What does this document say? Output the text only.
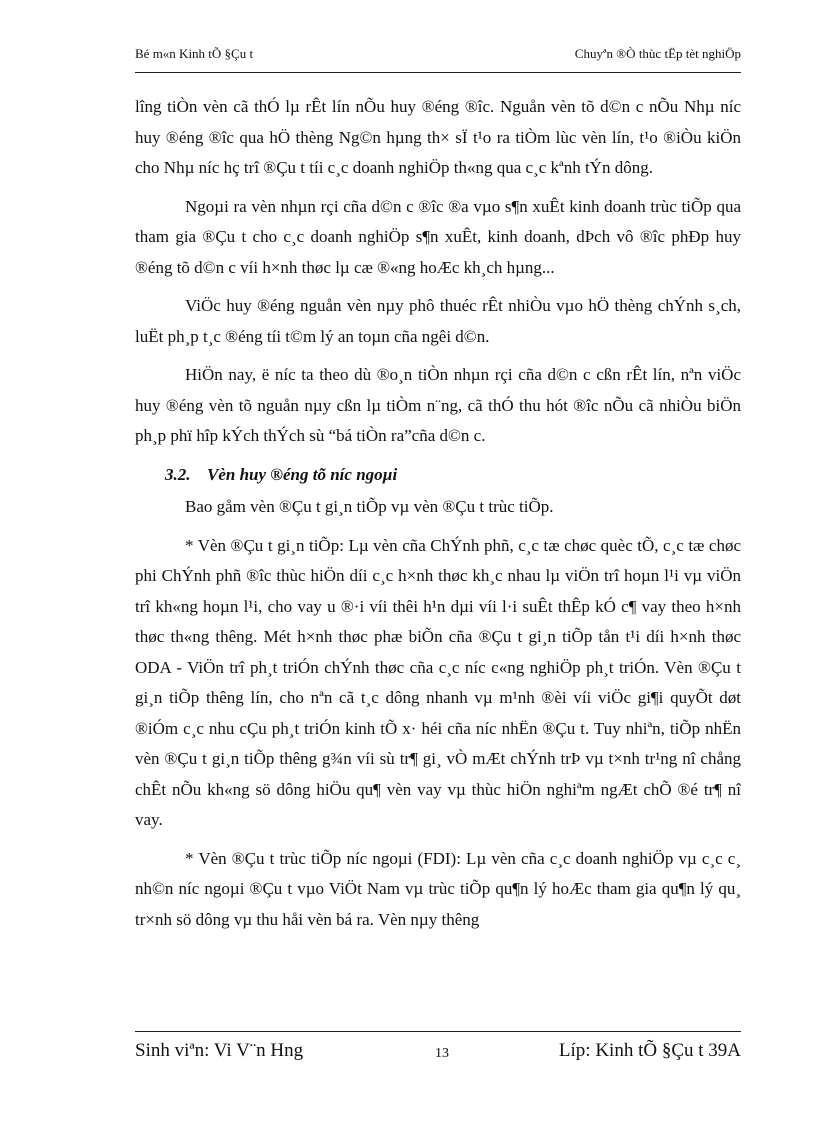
Bé m«n Kinh tÕ §Çu t	Chuyªn ®Ò thùc tËp tèt nghiÖp

lîng tiÒn vèn cã thÓ lµ rÊt lín nÕu huy ®éng ®îc. Nguån vèn tõ d©n c nÕu Nhµ níc huy ®éng ®îc qua hÖ thèng Ng©n hµng th× sÏ t¹o ra tiÒm lùc vèn lín, t¹o ®iÒu kiÖn cho Nhµ níc hç trî ®Çu t tíi c¸c doanh nghiÖp th«ng qua c¸c kªnh tÝn dông.

Ngoµi ra vèn nhµn rçi cña d©n c ®îc ®a vµo s¶n xuÊt kinh doanh trùc tiÕp qua tham gia ®Çu t cho c¸c doanh nghiÖp s¶n xuÊt, kinh doanh, dÞch vô ®îc phÐp huy ®éng tõ d©n c víi h×nh thøc lµ cæ ®«ng hoÆc kh¸ch hµng...

ViÖc huy ®éng nguån vèn nµy phô thuéc rÊt nhiÒu vµo hÖ thèng chÝnh s¸ch, luËt ph¸p t¸c ®éng tíi t©m lý an toµn cña ngêi d©n.

HiÖn nay, ë níc ta theo dù ®o¸n tiÒn nhµn rçi cña d©n c cßn rÊt lín, nªn viÖc huy ®éng vèn tõ nguån nµy cßn lµ tiÒm n¨ng, cã thÓ thu hót ®îc nÕu cã nhiÒu biÖn ph¸p phï hîp kÝch thÝch sù “bá tiÒn ra”cña d©n c.

3.2. Vèn huy ®éng tõ níc ngoµi

Bao gåm vèn ®Çu t gi¸n tiÕp vµ vèn ®Çu t trùc tiÕp.

* Vèn ®Çu t gi¸n tiÕp: Lµ vèn cña ChÝnh phñ, c¸c tæ chøc quèc tÕ, c¸c tæ chøc phi ChÝnh phñ ®îc thùc hiÖn díi c¸c h×nh thøc kh¸c nhau lµ viÖn trî hoµn l¹i vµ viÖn trî kh«ng hoµn l¹i, cho vay u ®·i víi thêi h¹n dµi víi l·i suÊt thÊp kÓ c¶ vay theo h×nh thøc th«ng thêng. Mét h×nh thøc phæ biÕn cña ®Çu t gi¸n tiÕp tån t¹i díi h×nh thøc ODA - ViÖn trî ph¸t triÓn chÝnh thøc cña c¸c níc c«ng nghiÖp ph¸t triÓn. Vèn ®Çu t gi¸n tiÕp thêng lín, cho nªn cã t¸c dông nhanh vµ m¹nh ®èi víi viÖc gi¶i quyÕt døt ®iÓm c¸c nhu cÇu ph¸t triÓn kinh tÕ x· héi cña níc nhËn ®Çu t. Tuy nhiªn, tiÕp nhËn vèn ®Çu t gi¸n tiÕp thêng g¾n víi sù tr¶ gi¸ vÒ mÆt chÝnh trÞ vµ t×nh tr¹ng nî chång chÊt nÕu kh«ng sö dông hiÖu qu¶ vèn vay vµ thùc hiÖn nghiªm ngÆt chÕ ®é tr¶ nî vay.

* Vèn ®Çu t trùc tiÕp níc ngoµi (FDI): Lµ vèn cña c¸c doanh nghiÖp vµ c¸c c¸ nh©n níc ngoµi ®Çu t vµo ViÖt Nam vµ trùc tiÕp qu¶n lý hoÆc tham gia qu¶n lý qu¸ tr×nh sö dông vµ thu håi vèn bá ra. Vèn nµy thêng

Sinh viªn: Vi V¨n Hng	13	Líp: Kinh tÕ §Çu t 39A
